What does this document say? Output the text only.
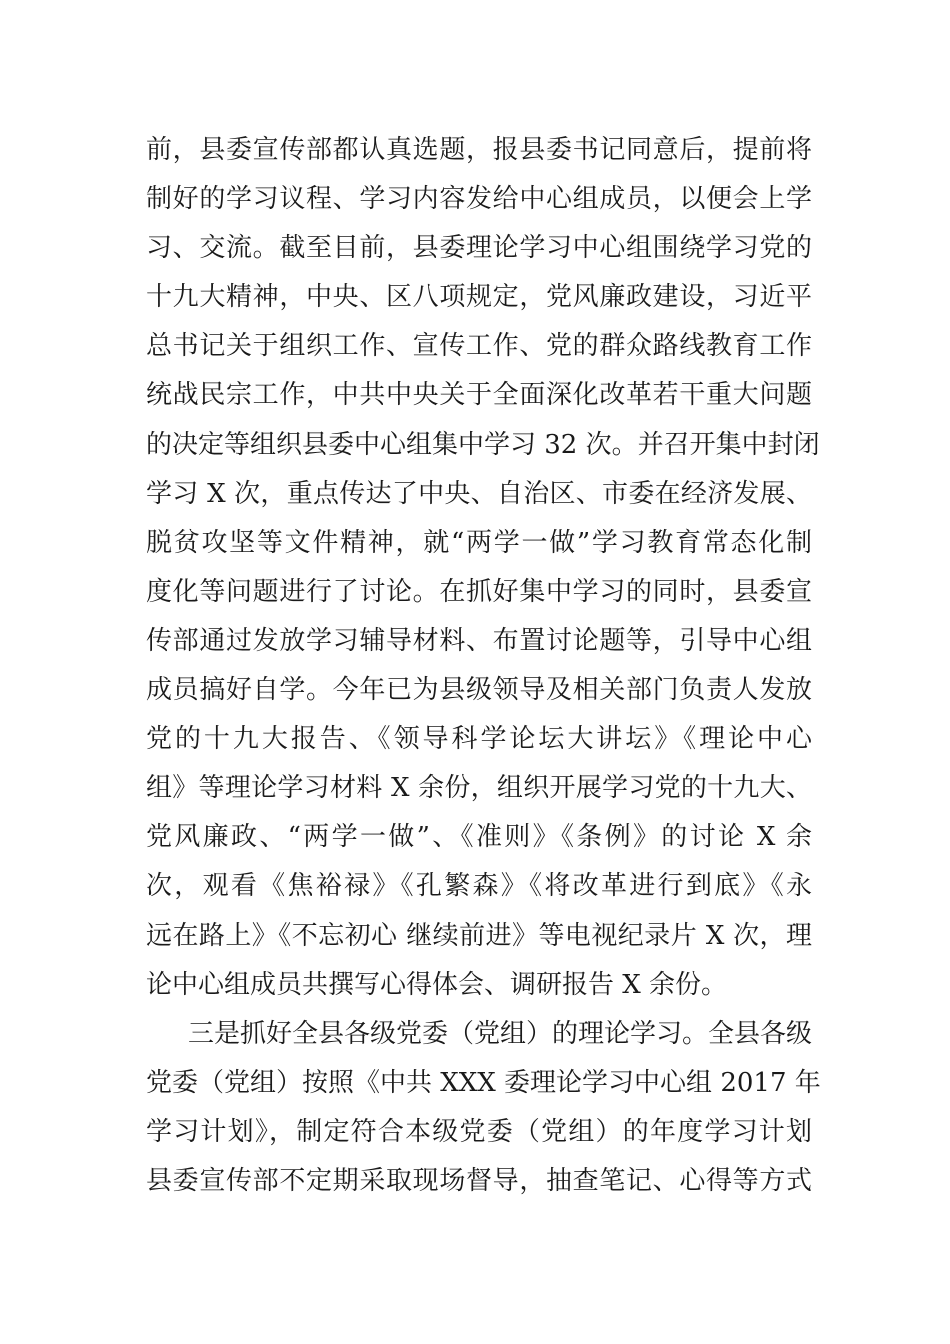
前，县委宣传部都认真选题，报县委书记同意后，提前将
制好的学习议程、学习内容发给中心组成员，以便会上学
习、交流。截至目前，县委理论学习中心组围绕学习党的
十九大精神，中央、区八项规定，党风廉政建设，习近平
总书记关于组织工作、宣传工作、党的群众路线教育工作
统战民宗工作，中共中央关于全面深化改革若干重大问题
的决定等组织县委中心组集中学习 32 次。并召开集中封闭
学习 X 次，重点传达了中央、自治区、市委在经济发展、
脱贫攻坚等文件精神，就“两学一做”学习教育常态化制
度化等问题进行了讨论。在抓好集中学习的同时，县委宣
传部通过发放学习辅导材料、布置讨论题等，引导中心组
成员搞好自学。今年已为县级领导及相关部门负责人发放
党的十九大报告、《领导科学论坛大讲坛》《理论中心
组》等理论学习材料 X 余份，组织开展学习党的十九大、
党风廉政、“两学一做”、《准则》《条例》的讨论 X 余
次，观看《焦裕禄》《孔繁森》《将改革进行到底》《永
远在路上》《不忘初心 继续前进》等电视纪录片 X 次，理
论中心组成员共撰写心得体会、调研报告 X 余份。
三是抓好全县各级党委（党组）的理论学习。全县各级
党委（党组）按照《中共 XXX 委理论学习中心组 2017 年
学习计划》，制定符合本级党委（党组）的年度学习计划
县委宣传部不定期采取现场督导，抽查笔记、心得等方式
